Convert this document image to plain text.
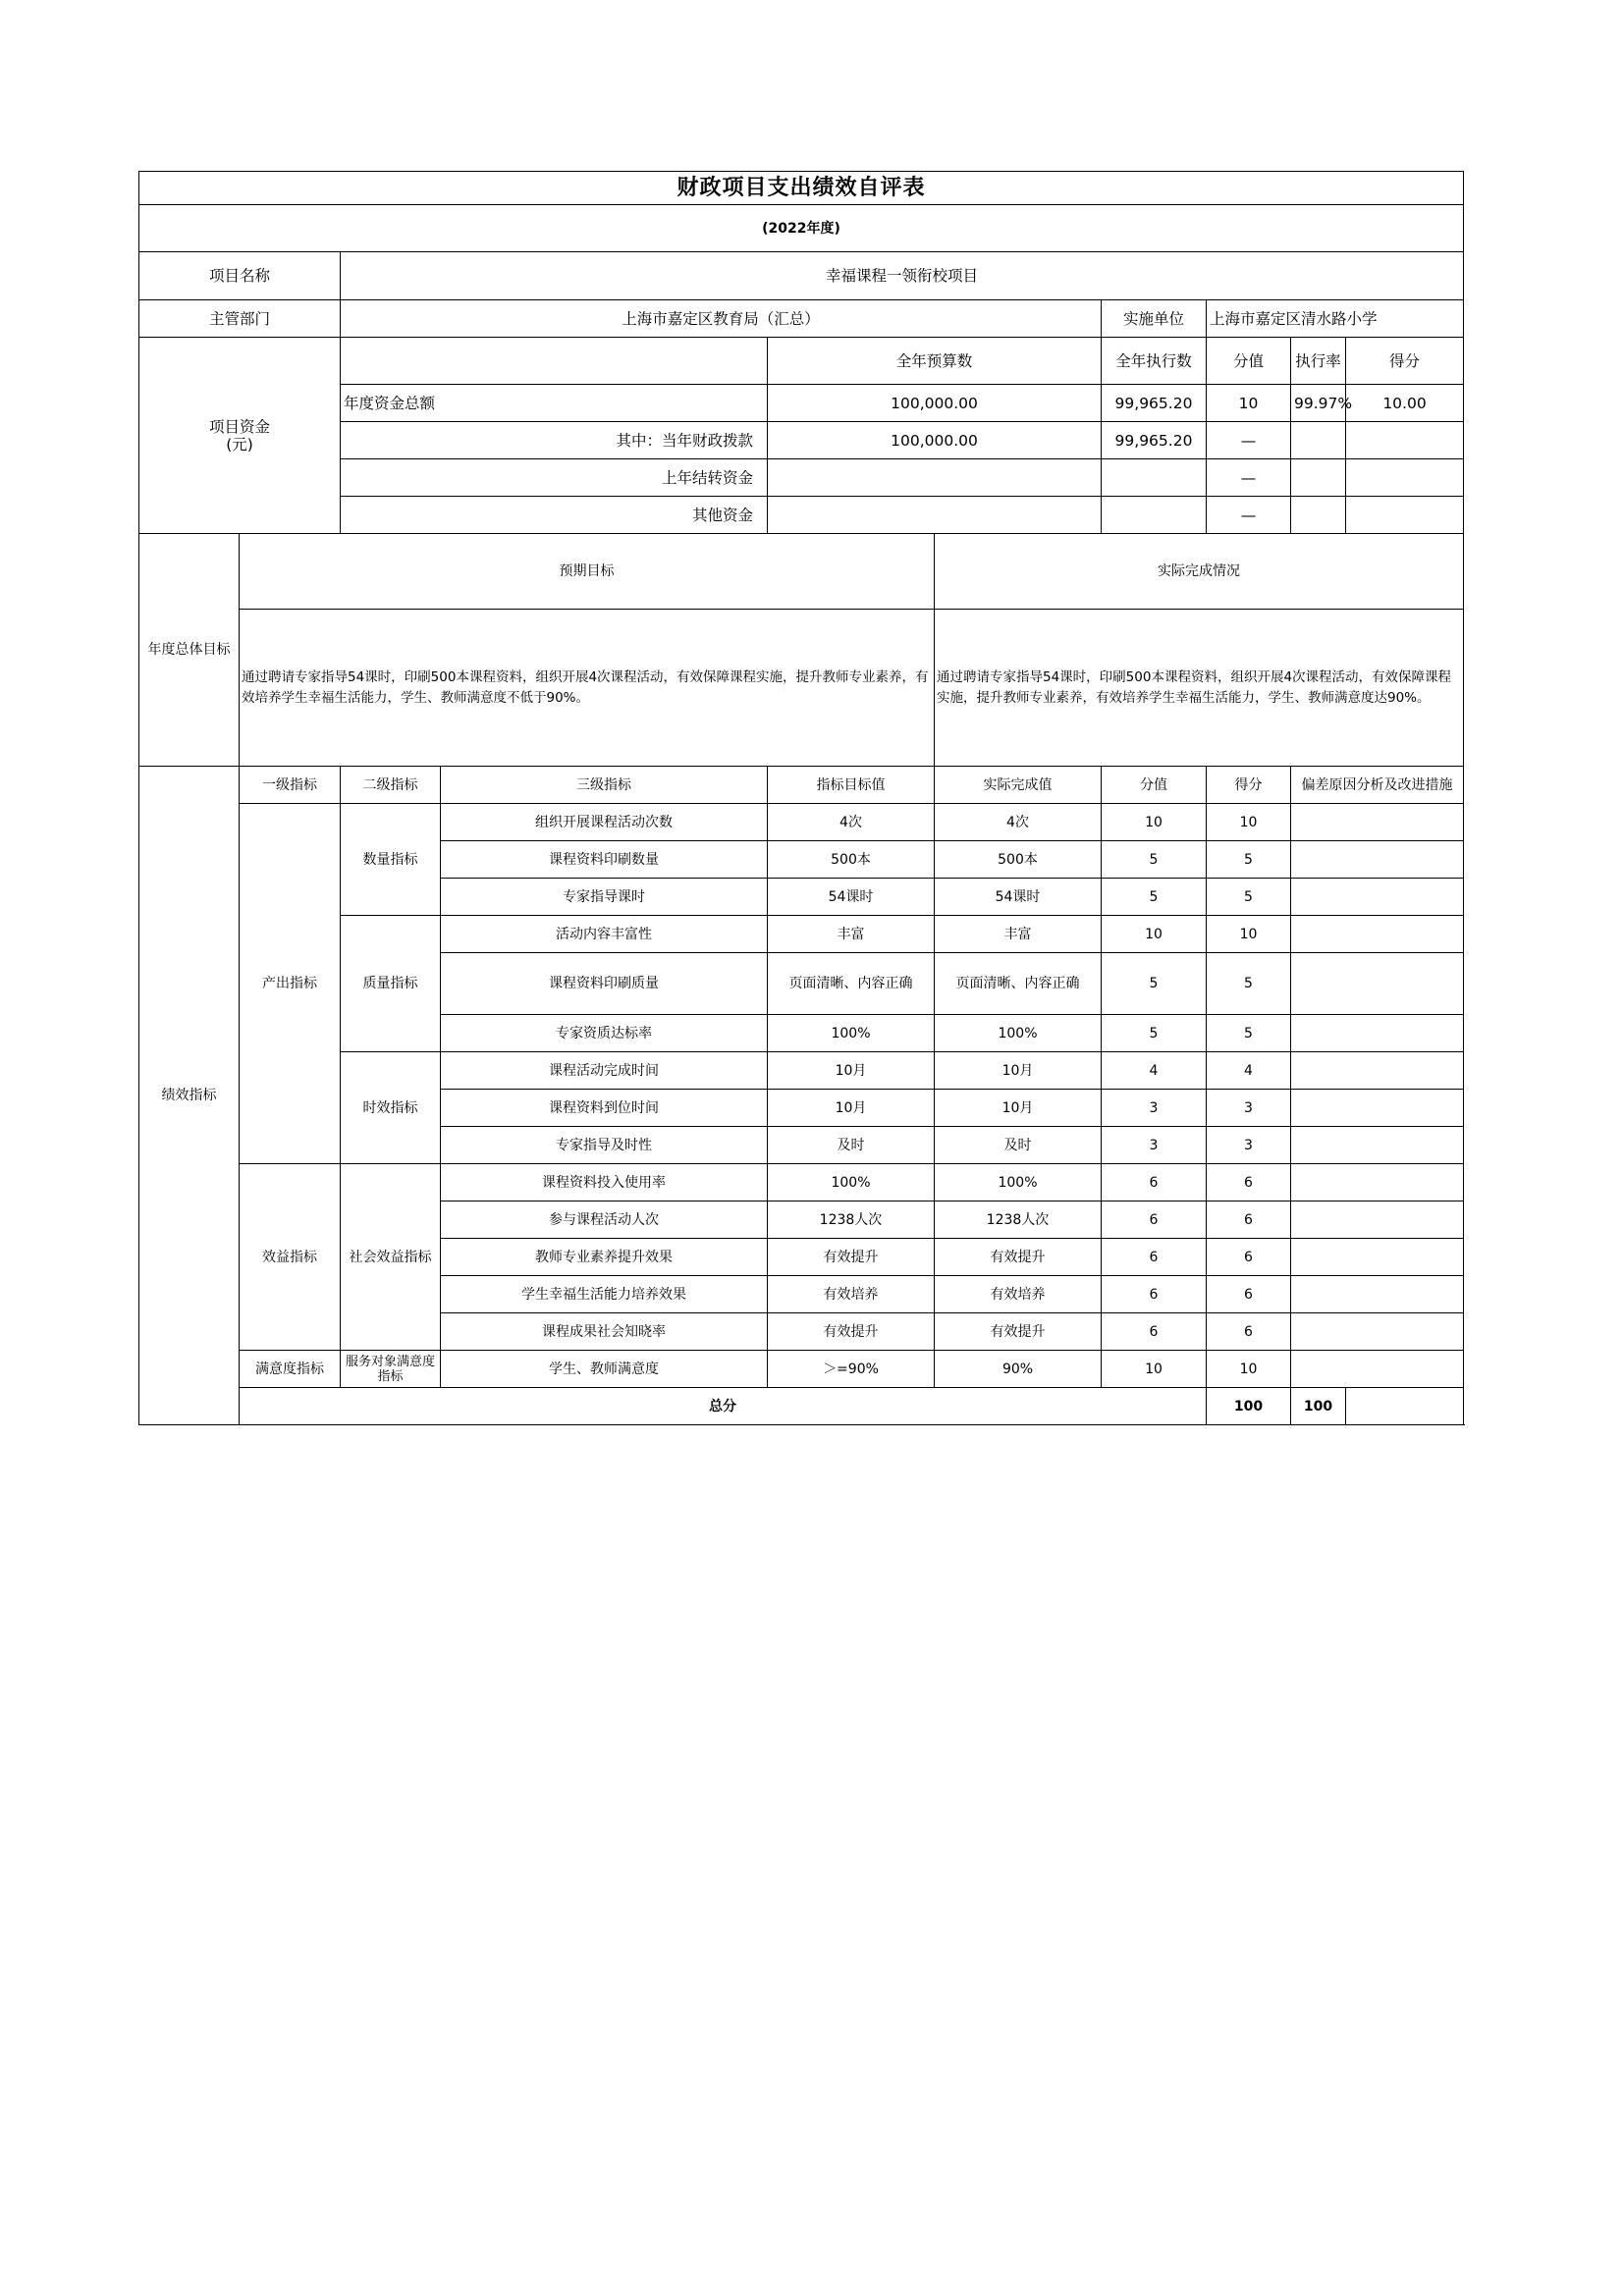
财政项目支出绩效自评表									
(2022年度)									
项目名称		幸福课程一领衔校项目							
主管部门		上海市嘉定区教育局（汇总）				实施单位	上海市嘉定区清水路小学		
项目资金
(元)				全年预算数		全年执行数	分值	执行率	得分
		年度资金总额		100,000.00		99,965.20	10	99.97%	10.00
		其中：当年财政拨款		100,000.00		99,965.20	—		
		上年结转资金					—		
		其他资金					—		
年度总体目标	预期目标				实际完成情况				
	通过聘请专家指导54课时，印刷500本课程资料，组织开展4次课程活动，有效保障课程实施，提升教师专业素养，有效培养学生幸福生活能力，学生、教师满意度不低于90%。				通过聘请专家指导54课时，印刷500本课程资料，组织开展4次课程活动，有效保障课程实施，提升教师专业素养，有效培养学生幸福生活能力，学生、教师满意度达90%。				
绩效指标	一级指标	二级指标	三级指标	指标目标值	实际完成值	分值	得分	偏差原因分析及改进措施	
	产出指标	数量指标	组织开展课程活动次数	4次	4次	10	10		
			课程资料印刷数量	500本	500本	5	5		
			专家指导课时	54课时	54课时	5	5		
		质量指标	活动内容丰富性	丰富	丰富	10	10		
			课程资料印刷质量	页面清晰、内容正确	页面清晰、内容正确	5	5		
			专家资质达标率	100%	100%	5	5		
		时效指标	课程活动完成时间	10月	10月	4	4		
			课程资料到位时间	10月	10月	3	3		
			专家指导及时性	及时	及时	3	3		
	效益指标	社会效益指标	课程资料投入使用率	100%	100%	6	6		
			参与课程活动人次	1238人次	1238人次	6	6		
			教师专业素养提升效果	有效提升	有效提升	6	6		
			学生幸福生活能力培养效果	有效培养	有效培养	6	6		
			课程成果社会知晓率	有效提升	有效提升	6	6		
	满意度指标	服务对象满意度指标	学生、教师满意度	＞=90%	90%	10	10		
	总分						100	100	
